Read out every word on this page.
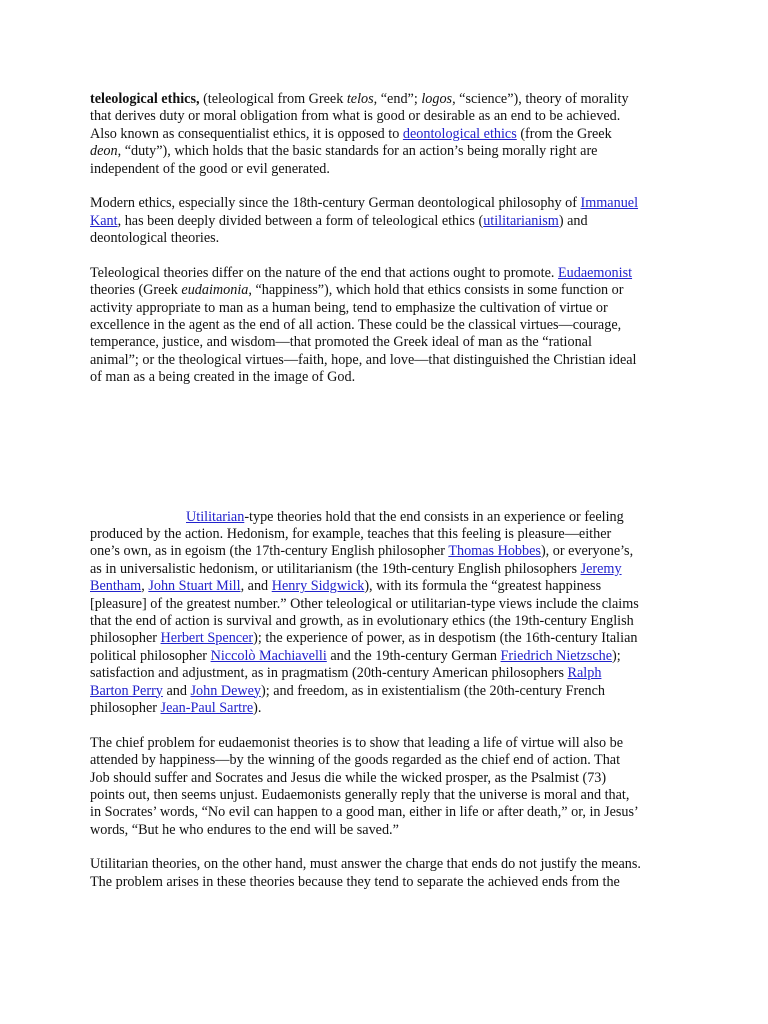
teleological ethics, (teleological from Greek telos, “end”; logos, “science”), theory of morality
that derives duty or moral obligation from what is good or desirable as an end to be achieved.
Also known as consequentialist ethics, it is opposed to deontological ethics (from the Greek
deon, “duty”), which holds that the basic standards for an action’s being morally right are
independent of the good or evil generated.
Modern ethics, especially since the 18th-century German deontological philosophy of Immanuel
Kant, has been deeply divided between a form of teleological ethics (utilitarianism) and
deontological theories.
Teleological theories differ on the nature of the end that actions ought to promote. Eudaemonist
theories (Greek eudaimonia, “happiness”), which hold that ethics consists in some function or
activity appropriate to man as a human being, tend to emphasize the cultivation of virtue or
excellence in the agent as the end of all action. These could be the classical virtues—courage,
temperance, justice, and wisdom—that promoted the Greek ideal of man as the “rational
animal”; or the theological virtues—faith, hope, and love—that distinguished the Christian ideal
of man as a being created in the image of God.
Utilitarian-type theories hold that the end consists in an experience or feeling
produced by the action. Hedonism, for example, teaches that this feeling is pleasure—either
one’s own, as in egoism (the 17th-century English philosopher Thomas Hobbes), or everyone’s,
as in universalistic hedonism, or utilitarianism (the 19th-century English philosophers Jeremy
Bentham, John Stuart Mill, and Henry Sidgwick), with its formula the “greatest happiness
[pleasure] of the greatest number.” Other teleological or utilitarian-type views include the claims
that the end of action is survival and growth, as in evolutionary ethics (the 19th-century English
philosopher Herbert Spencer); the experience of power, as in despotism (the 16th-century Italian
political philosopher Niccolò Machiavelli and the 19th-century German Friedrich Nietzsche);
satisfaction and adjustment, as in pragmatism (20th-century American philosophers Ralph
Barton Perry and John Dewey); and freedom, as in existentialism (the 20th-century French
philosopher Jean-Paul Sartre).
The chief problem for eudaemonist theories is to show that leading a life of virtue will also be
attended by happiness—by the winning of the goods regarded as the chief end of action. That
Job should suffer and Socrates and Jesus die while the wicked prosper, as the Psalmist (73)
points out, then seems unjust. Eudaemonists generally reply that the universe is moral and that,
in Socrates’ words, “No evil can happen to a good man, either in life or after death,” or, in Jesus’
words, “But he who endures to the end will be saved.”
Utilitarian theories, on the other hand, must answer the charge that ends do not justify the means.
The problem arises in these theories because they tend to separate the achieved ends from the
